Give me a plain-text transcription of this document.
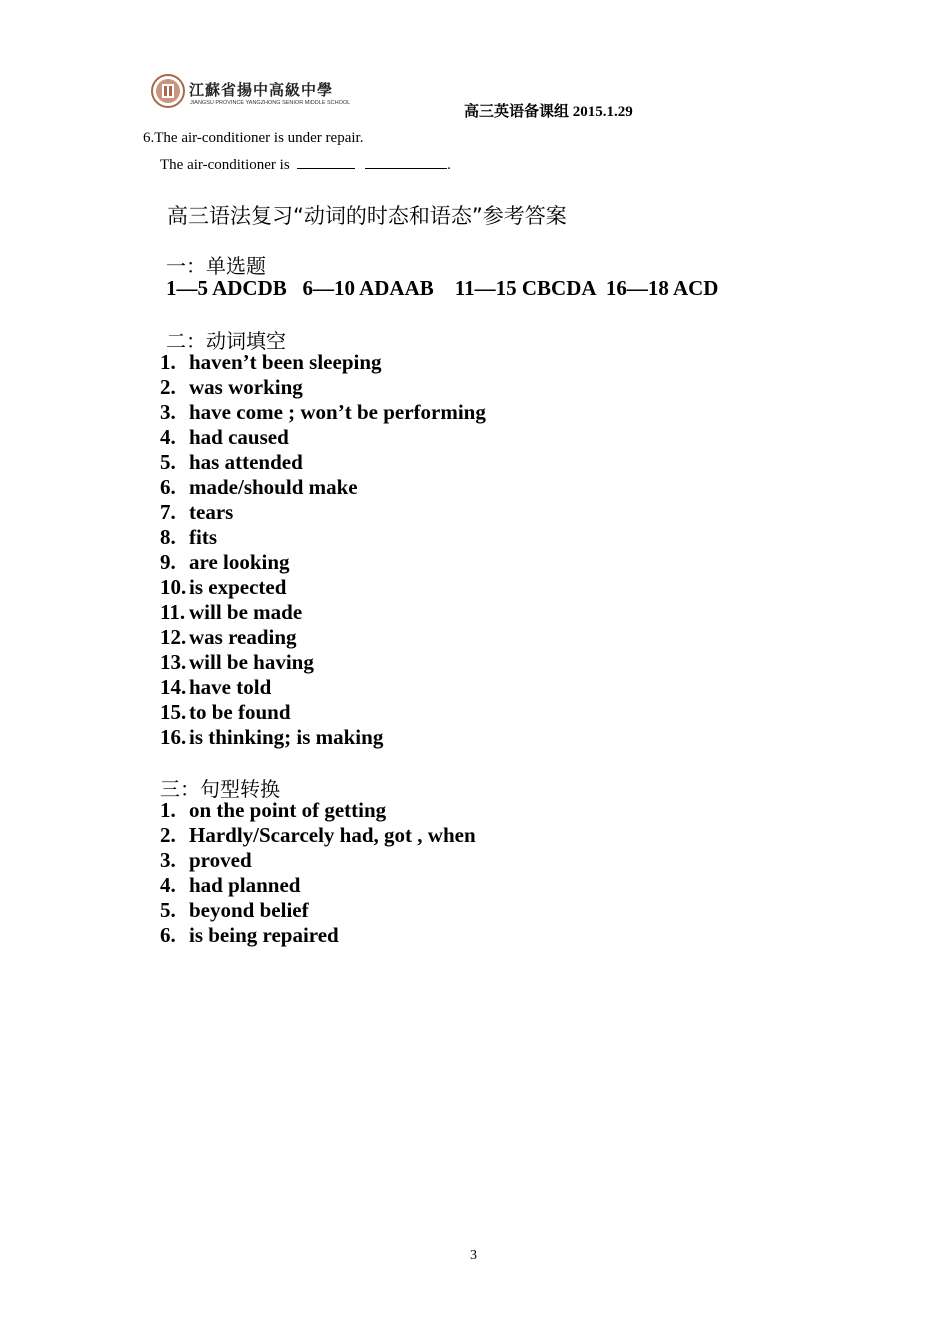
江蘇省揚中高級中學
JIANGSU PROVINCE YANGZHONG SENIOR MIDDLE SCHOOL
高三英语备课组 2015.1.29
6.The air-conditioner is under repair.
The air-conditioner is	.
高三语法复习“动词的时态和语态”参考答案
一：单选题
1—5 ADCDB   6—10 ADAAB    11—15 CBCDA  16—18 ACD
二：动词填空
1. haven’t been sleeping
2. was working
3. have come ; won’t be performing
4. had caused
5. has attended
6. made/should make
7. tears
8. fits
9. are looking
10. is expected
11. will be made
12. was reading
13. will be having
14. have told
15. to be found
16. is thinking; is making
三：句型转换
1. on the point of getting
2. Hardly/Scarcely had, got , when
3. proved
4. had planned
5. beyond belief
6. is being repaired
3
